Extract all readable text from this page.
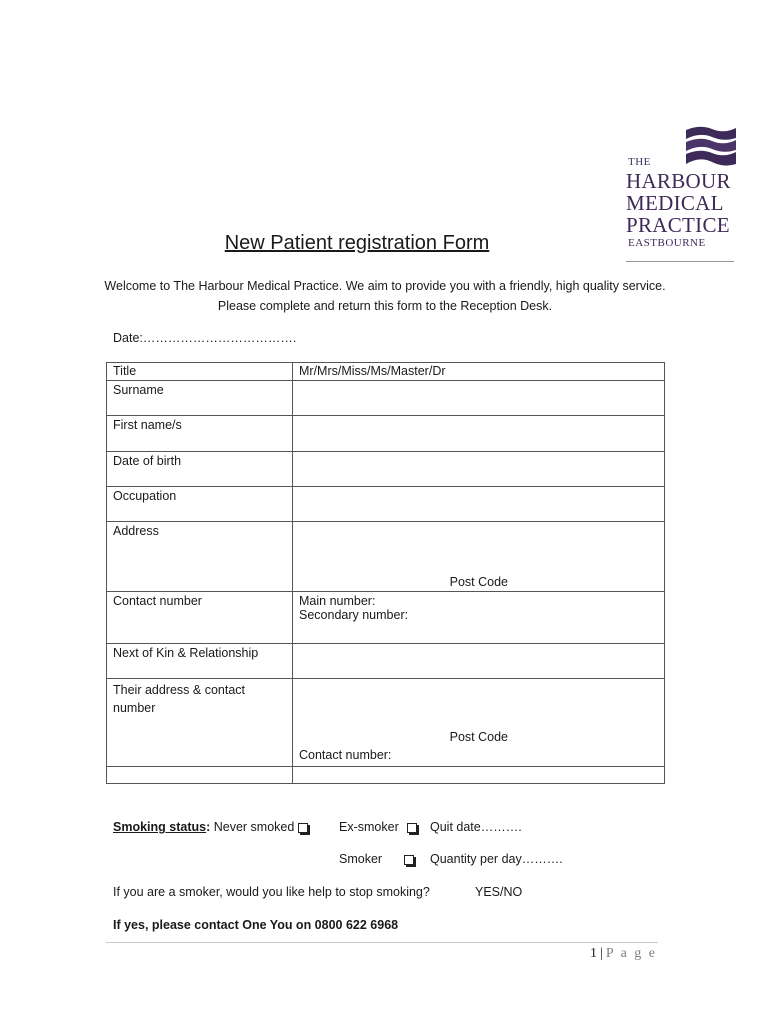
THE
HARBOUR
MEDICAL
PRACTICE
EASTBOURNE
New Patient registration Form
Welcome to The Harbour Medical Practice. We aim to provide you with a friendly, high quality service. Please complete and return this form to the Reception Desk.
Date:……………………………….
Title	Mr/Mrs/Miss/Ms/Master/Dr
Surname	
First name/s	
Date of birth	
Occupation	
Address	Post Code

Contact number	Main number:
Secondary number:

Next of Kin & Relationship	
Their address & contact number	Post Code
Contact number:

Smoking status: Never smoked	Ex-smoker	Quit date……….
Smoker	Quantity per day……….
If you are a smoker, would you like help to stop smoking?	YES/NO
If yes, please contact One You on 0800 622 6968
1 | P a g e
